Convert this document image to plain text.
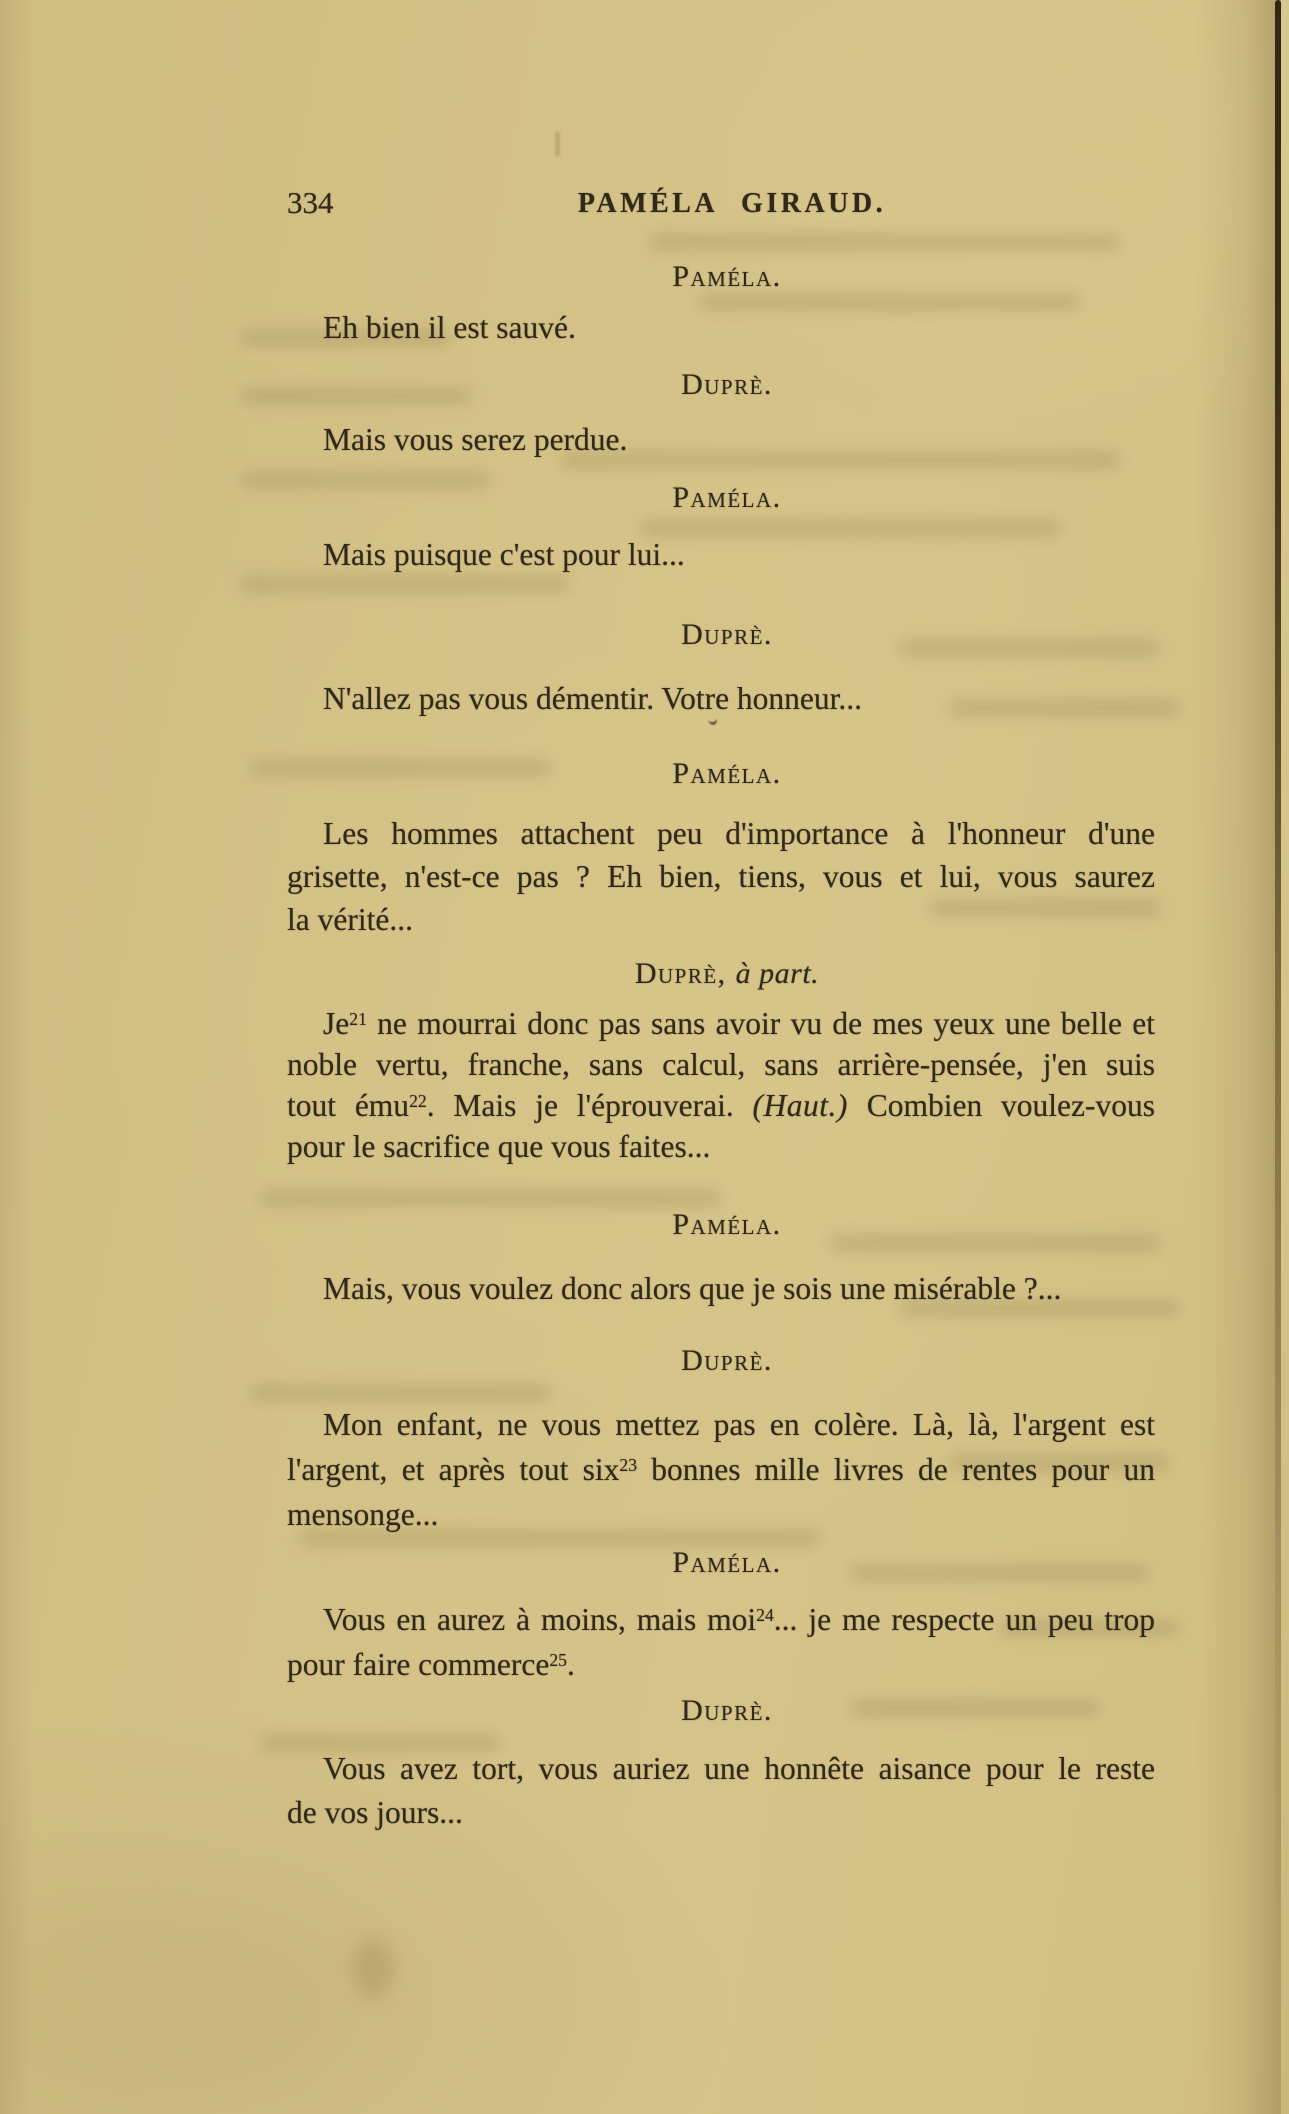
334	PAMÉLA GIRAUD.
Paméla.
Eh bien il est sauvé.
Duprè.
Mais vous serez perdue.
Paméla.
Mais puisque c'est pour lui...
Duprè.
N'allez pas vous démentir. Votre honneur...
Paméla.
Les hommes attachent peu d'importance à l'honneur d'une
grisette, n'est-ce pas ? Eh bien, tiens, vous et lui, vous saurez
la vérité...
Duprè, à part.
Je$^{21}$ ne mourrai donc pas sans avoir vu de mes yeux une belle et
noble vertu, franche, sans calcul, sans arrière-pensée, j'en suis
tout ému$^{22}$. Mais je l'éprouverai. (Haut.) Combien voulez-vous
pour le sacrifice que vous faites...
Paméla.
Mais, vous voulez donc alors que je sois une misérable ?...
Duprè.
Mon enfant, ne vous mettez pas en colère. Là, là, l'argent est
l'argent, et après tout six$^{23}$ bonnes mille livres de rentes pour un
mensonge...
Paméla.
Vous en aurez à moins, mais moi$^{24}$... je me respecte un peu trop
pour faire commerce$^{25}$.
Duprè.
Vous avez tort, vous auriez une honnête aisance pour le reste
de vos jours...
